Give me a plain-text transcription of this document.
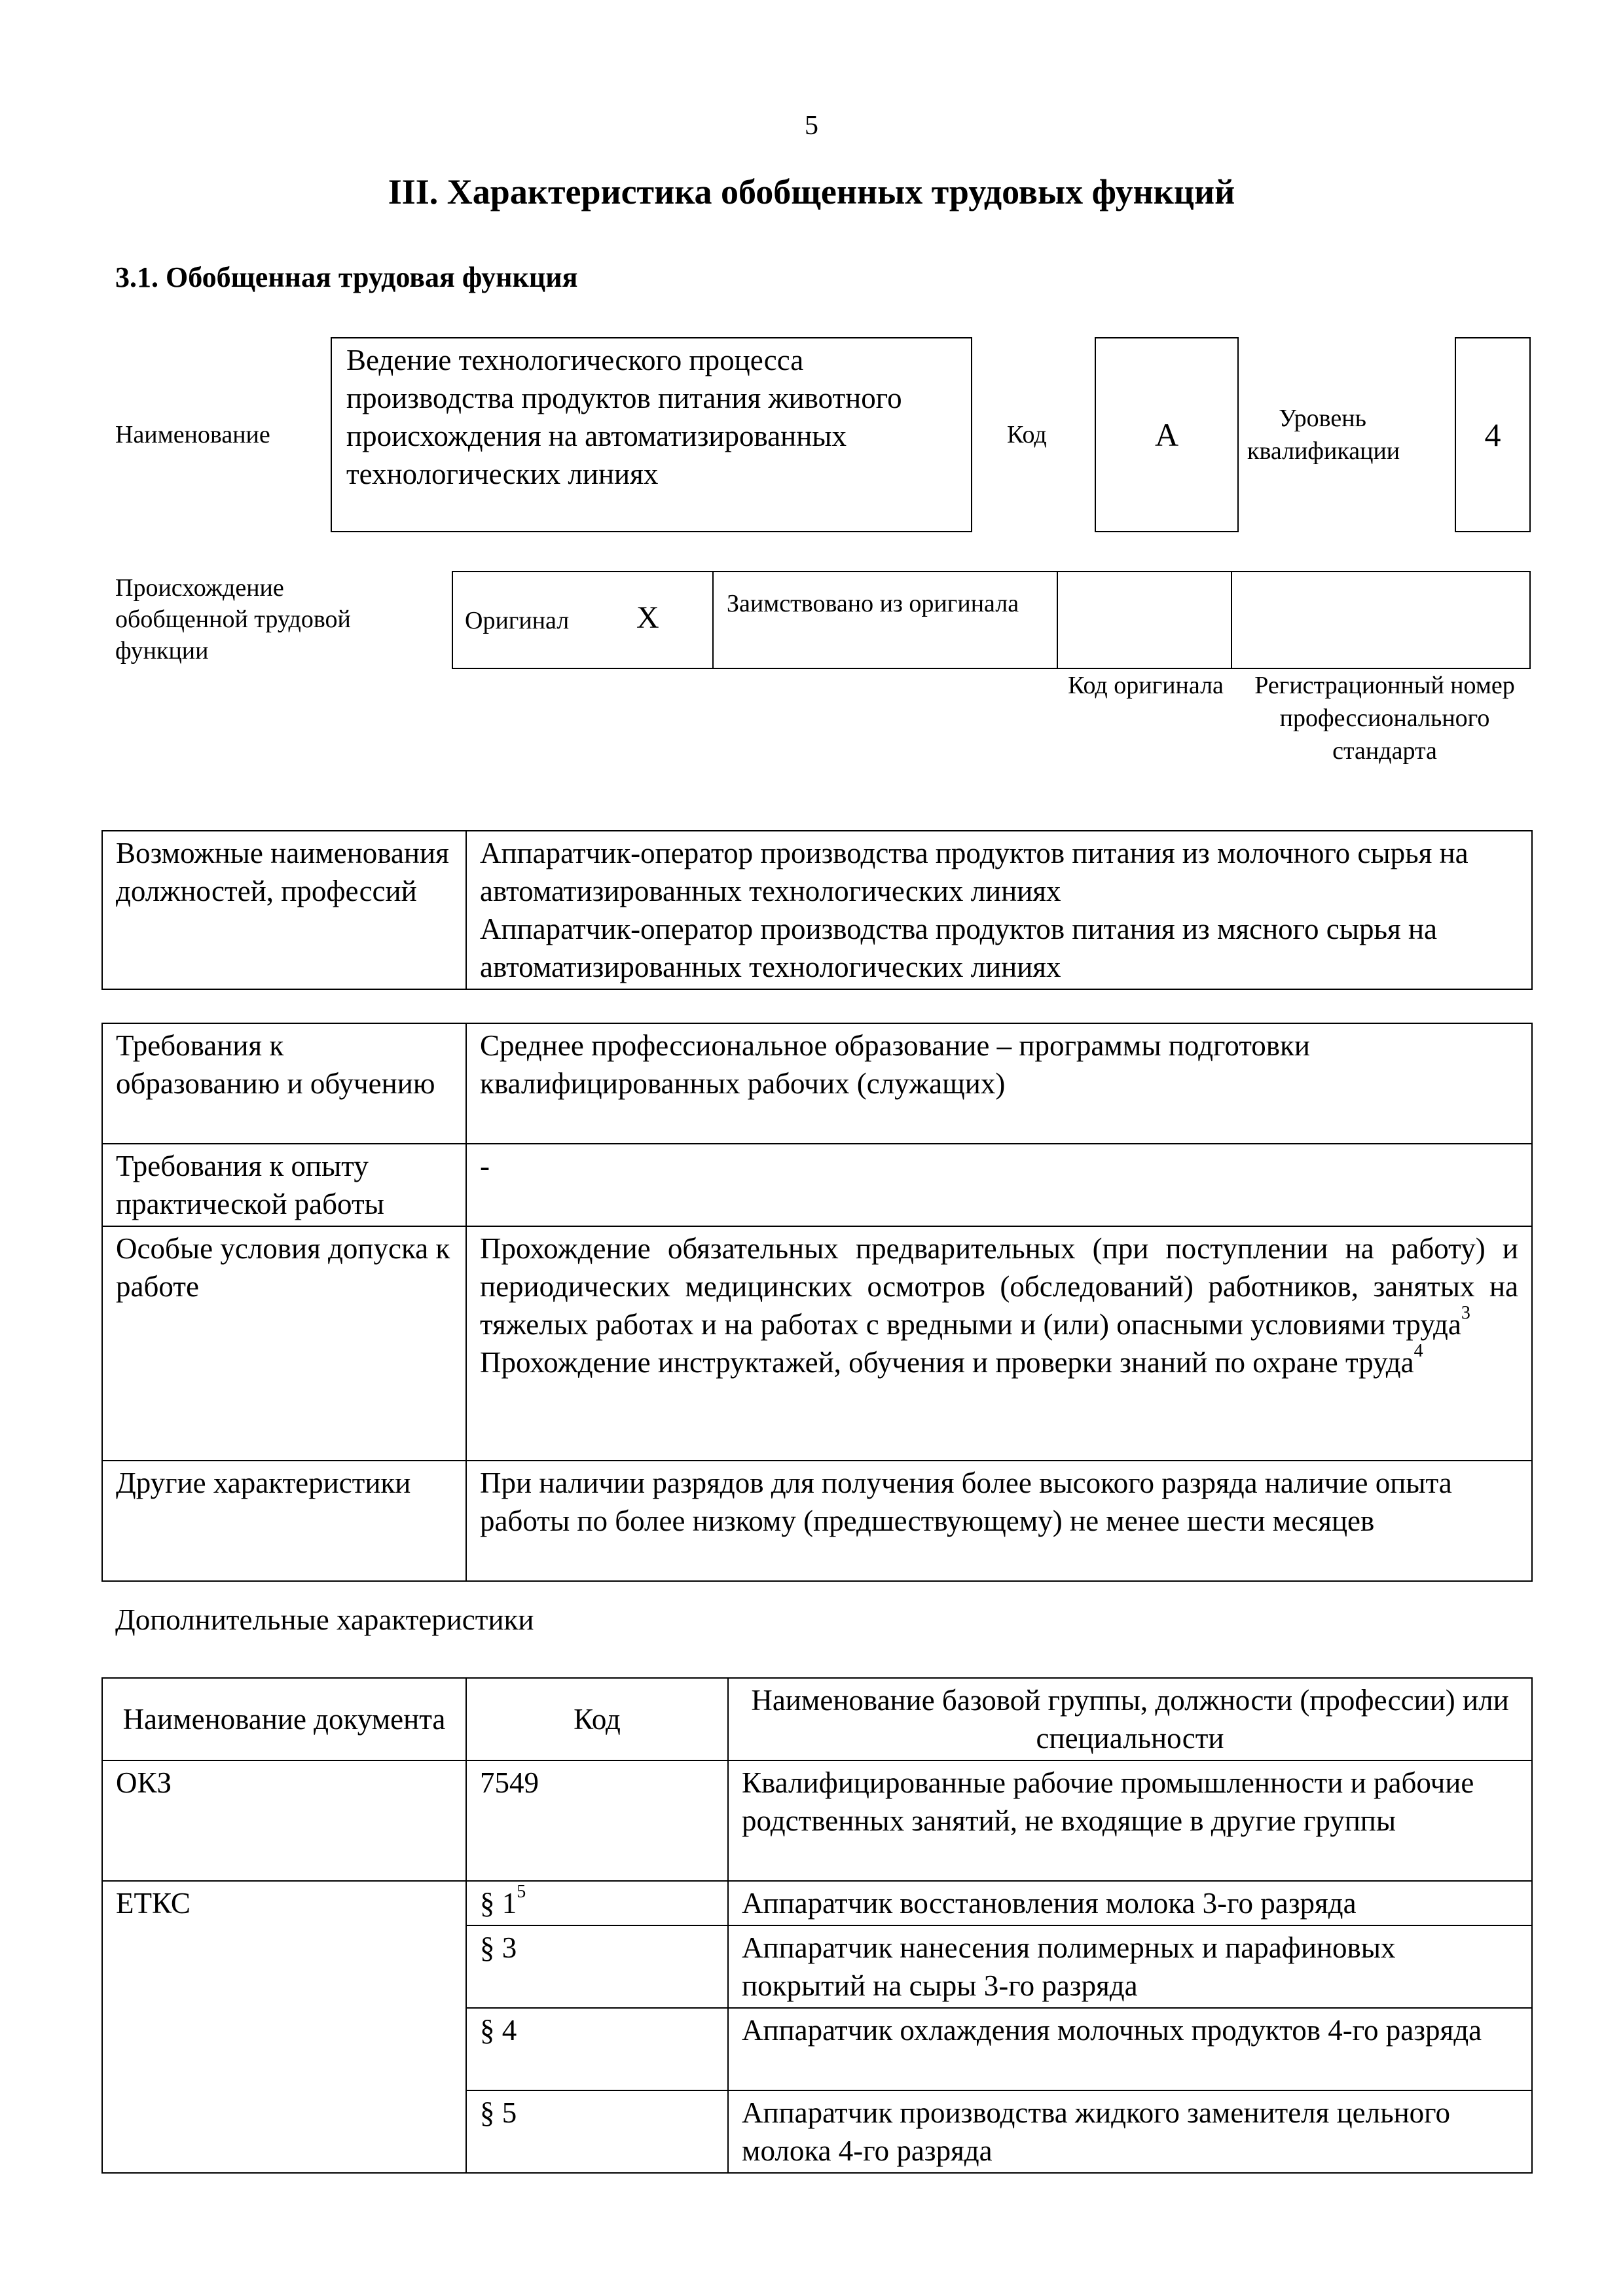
5
III. Характеристика обобщенных трудовых функций
3.1. Обобщенная трудовая функция
Наименование
Ведение технологического процесса производства продуктов питания животного происхождения на автоматизированных технологических линиях
Код	А	Уровень квалификации	4
Происхождение обобщенной трудовой функции
Оригинал Х	Заимствовано из оригинала
Код оригинала	Регистрационный номер профессионального стандарта
Возможные наименования должностей, профессий	
Аппаратчик-оператор производства продуктов питания из молочного сырья на автоматизированных технологических линиях
Аппаратчик-оператор производства продуктов питания из мясного сырья на автоматизированных технологических линиях
Требования к образованию и обучению	Среднее профессиональное образование – программы подготовки квалифицированных рабочих (служащих)
Требования к опыту практической работы	-
Особые условия допуска к работе	Прохождение обязательных предварительных (при поступлении на работу) и периодических медицинских осмотров (обследований) работников, занятых на тяжелых работах и на работах с вредными и (или) опасными условиями труда$^3$
Прохождение инструктажей, обучения и проверки знаний по охране труда$^4$

Другие характеристики	При наличии разрядов для получения более высокого разряда наличие опыта работы по более низкому (предшествующему) не менее шести месяцев
Дополнительные характеристики
Наименование документа	Код	Наименование базовой группы, должности (профессии) или специальности
ОКЗ	7549	Квалифицированные рабочие промышленности и рабочие родственных занятий, не входящие в другие группы
ЕТКС	§ $1^5$	Аппаратчик восстановления молока 3-го разряда
	§ 3	Аппаратчик нанесения полимерных и парафиновых покрытий на сыры 3-го разряда
	§ 4	Аппаратчик охлаждения молочных продуктов 4-го разряда
	§ 5	Аппаратчик производства жидкого заменителя цельного молока 4-го разряда
